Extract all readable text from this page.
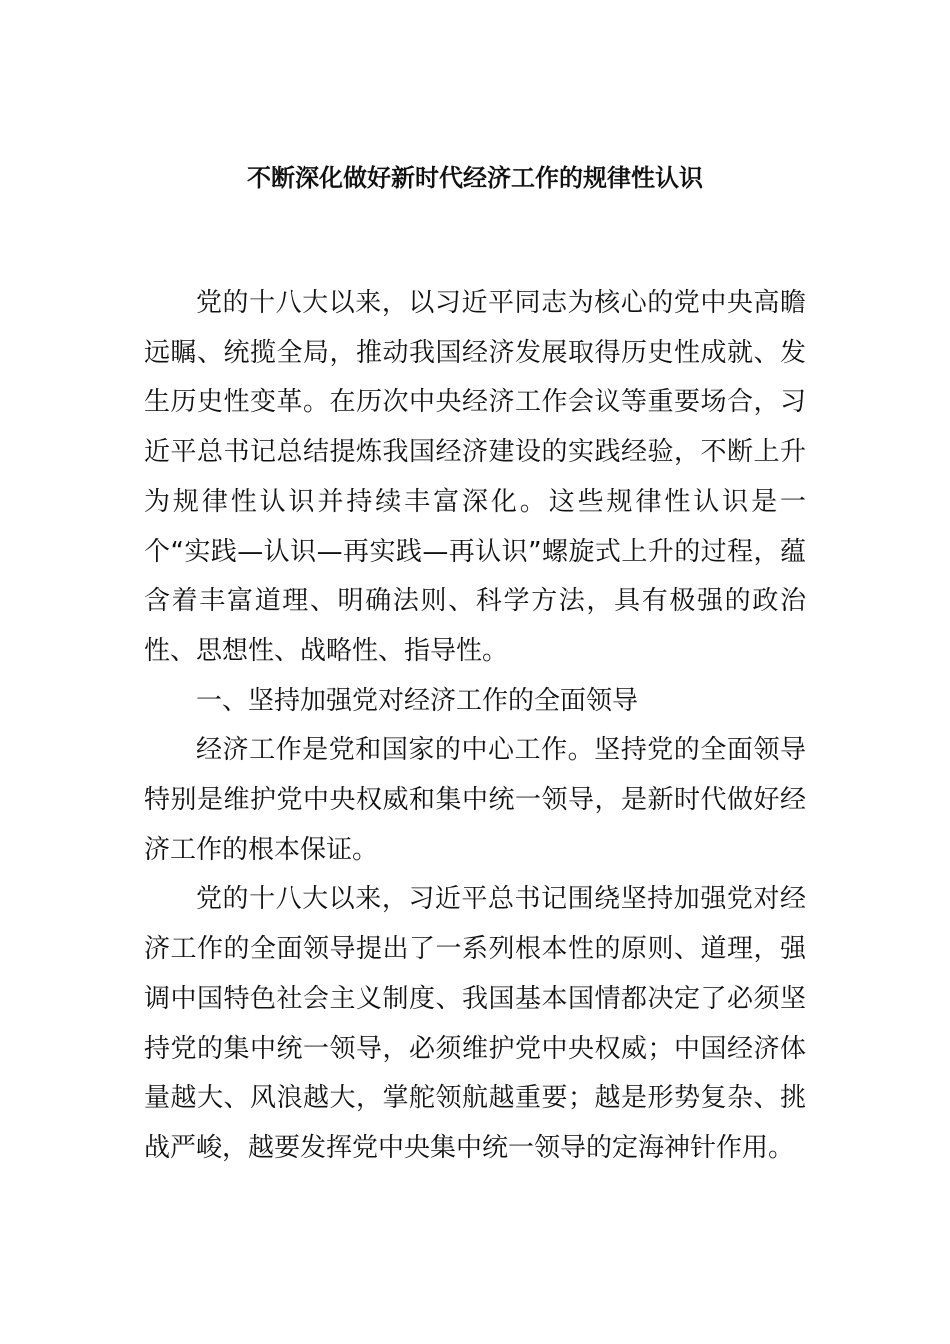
不断深化做好新时代经济工作的规律性认识

党的十八大以来，以习近平同志为核心的党中央高瞻远瞩、统揽全局，推动我国经济发展取得历史性成就、发生历史性变革。在历次中央经济工作会议等重要场合，习近平总书记总结提炼我国经济建设的实践经验，不断上升为规律性认识并持续丰富深化。这些规律性认识是一个“实践—认识—再实践—再认识”螺旋式上升的过程，蕴含着丰富道理、明确法则、科学方法，具有极强的政治性、思想性、战略性、指导性。

一、坚持加强党对经济工作的全面领导

经济工作是党和国家的中心工作。坚持党的全面领导特别是维护党中央权威和集中统一领导，是新时代做好经济工作的根本保证。

党的十八大以来，习近平总书记围绕坚持加强党对经济工作的全面领导提出了一系列根本性的原则、道理，强调中国特色社会主义制度、我国基本国情都决定了必须坚持党的集中统一领导，必须维护党中央权威；中国经济体量越大、风浪越大，掌舵领航越重要；越是形势复杂、挑战严峻，越要发挥党中央集中统一领导的定海神针作用。
